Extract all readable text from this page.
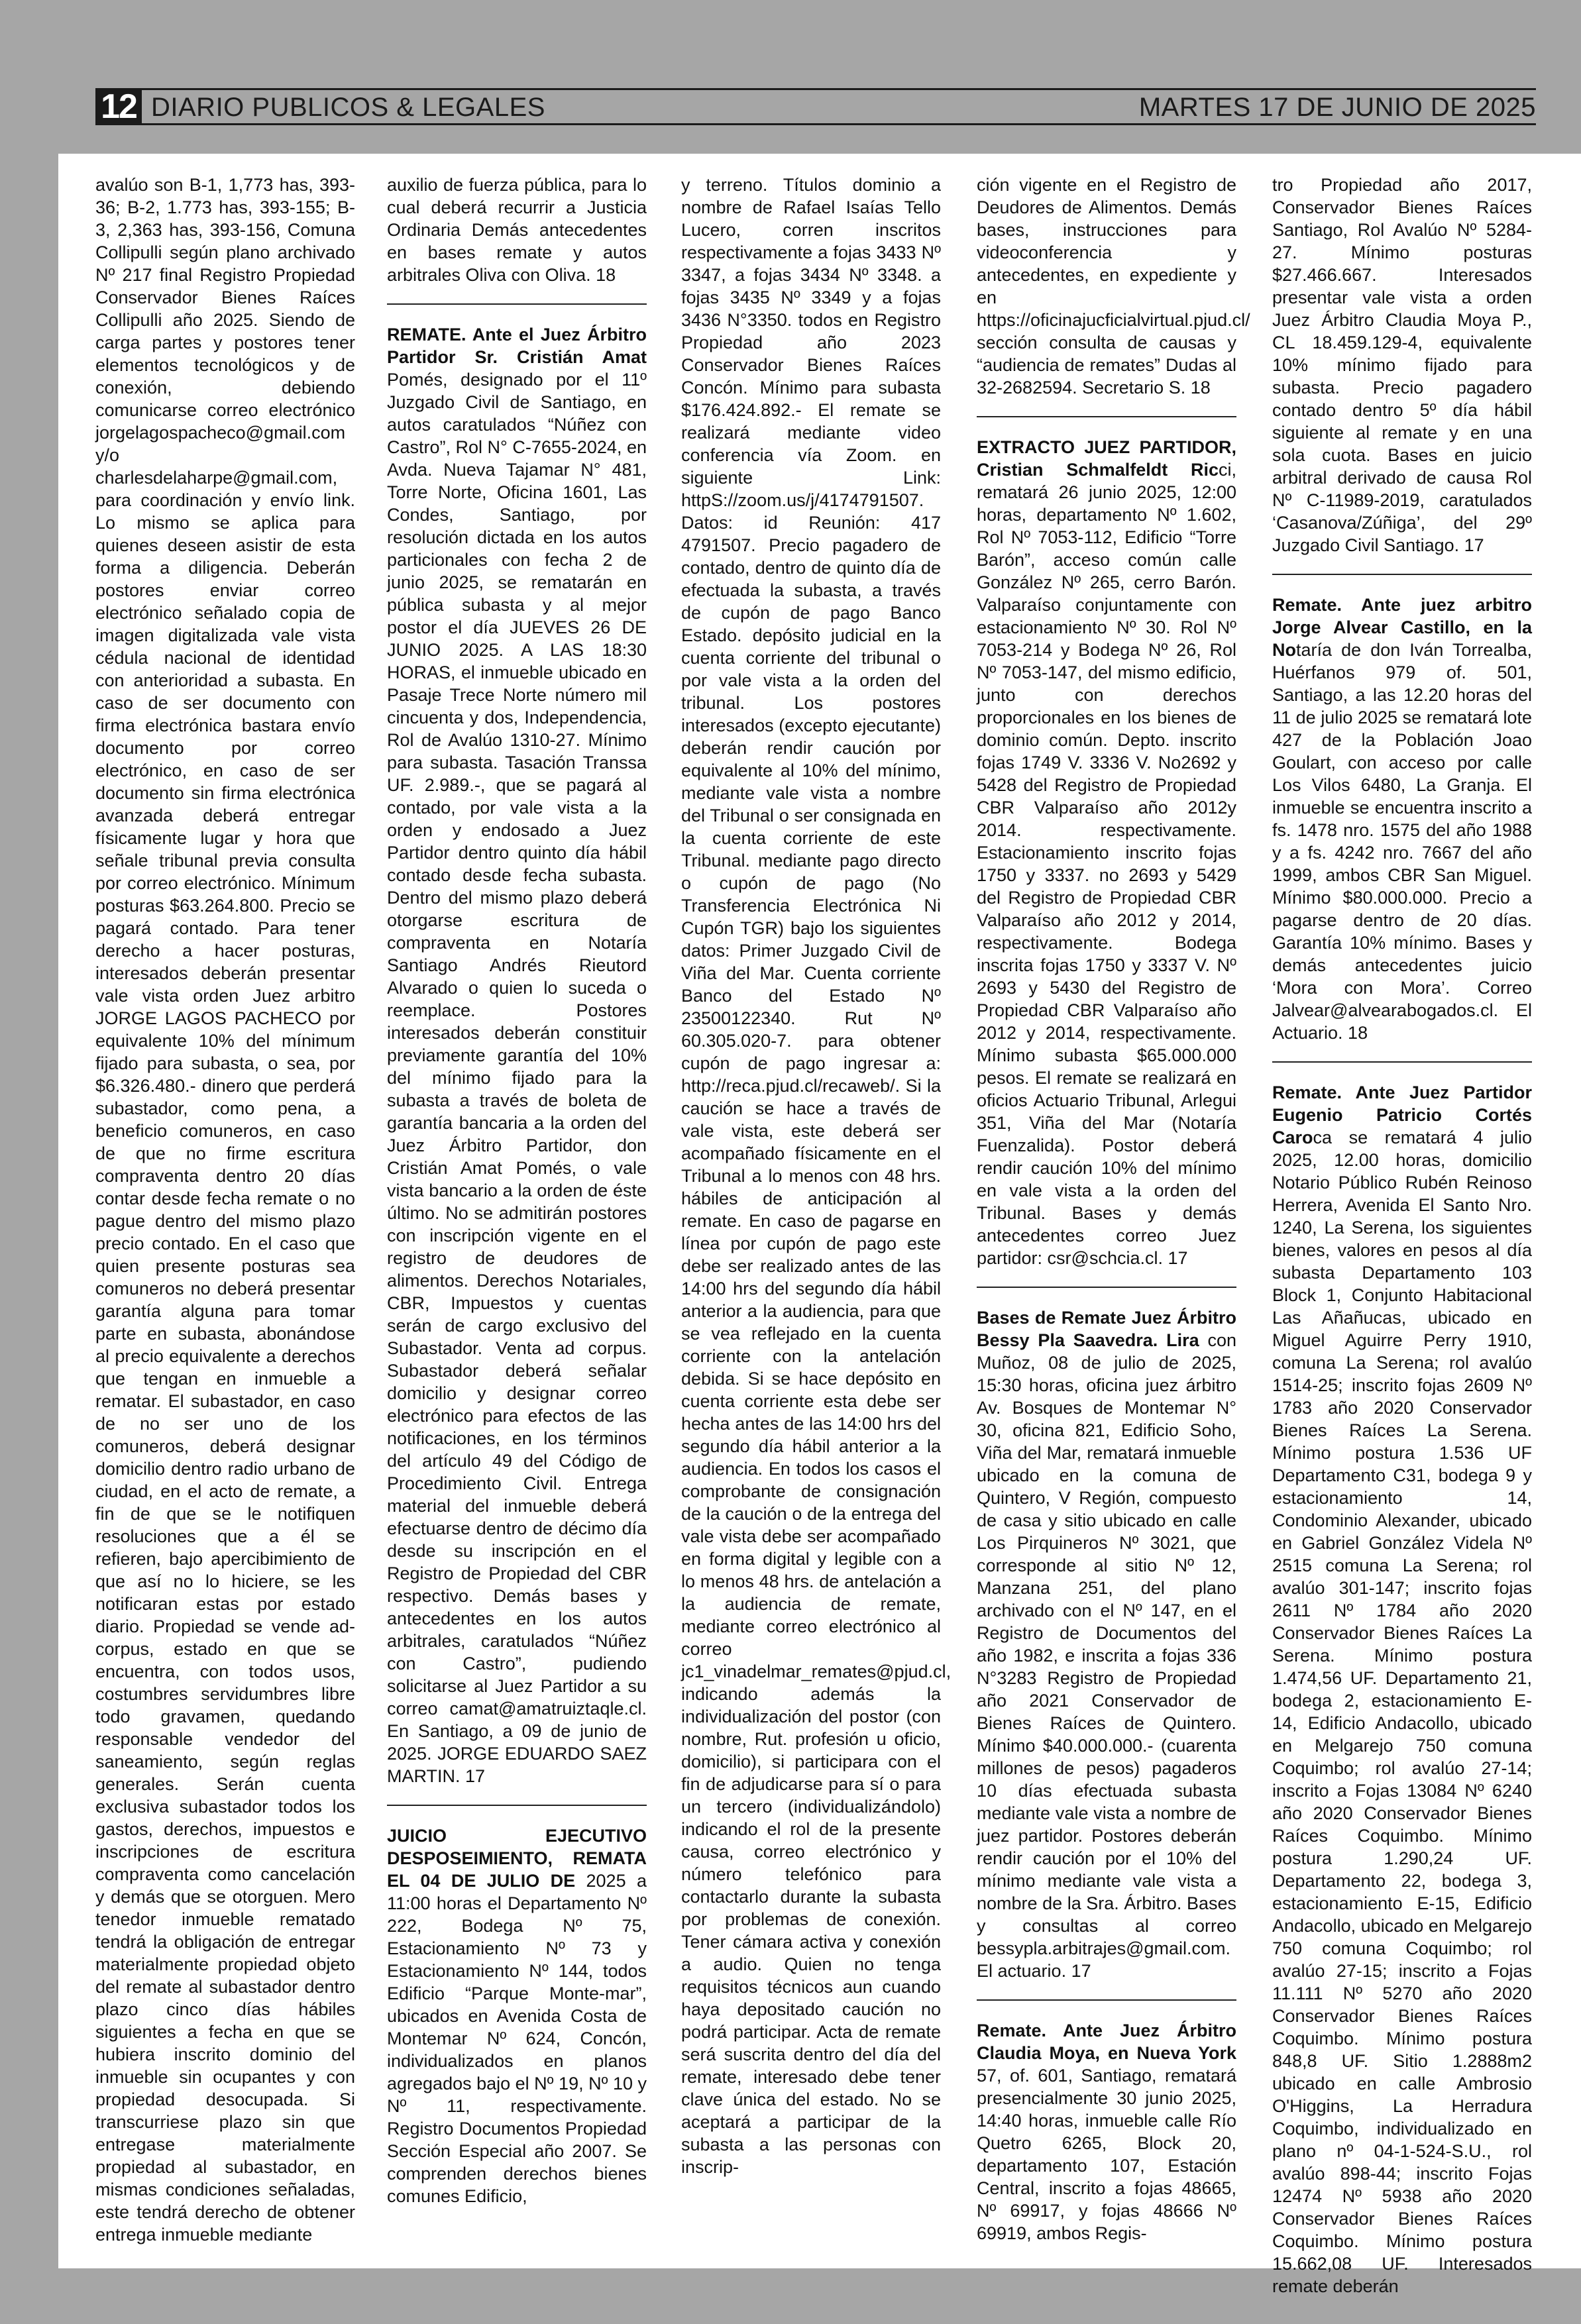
12 DIARIO PUBLICOS & LEGALES	MARTES 17 DE JUNIO DE 2025

avalúo son B-1, 1,773 has, 393-36; B-2, 1.773 has, 393-155; B-3, 2,363 has, 393-156, Comuna Collipulli según plano archivado Nº 217 final Registro Propiedad Conservador Bienes Raíces Collipulli año 2025. Siendo de carga partes y postores tener elementos tecnológicos y de conexión, debiendo comunicarse correo electrónico jorgelagospacheco@gmail.com y/o charlesdelaharpe@gmail.com, para coordinación y envío link. Lo mismo se aplica para quienes deseen asistir de esta forma a diligencia. Deberán postores enviar correo electrónico señalado copia de imagen digitalizada vale vista cédula nacional de identidad con anterioridad a subasta. En caso de ser documento con firma electrónica bastara envío documento por correo electrónico, en caso de ser documento sin firma electrónica avanzada deberá entregar físicamente lugar y hora que señale tribunal previa consulta por correo electrónico. Mínimum posturas $63.264.800. Precio se pagará contado. Para tener derecho a hacer posturas, interesados deberán presentar vale vista orden Juez arbitro JORGE LAGOS PACHECO por equivalente 10% del mínimum fijado para subasta, o sea, por $6.326.480.- dinero que perderá subastador, como pena, a beneficio comuneros, en caso de que no firme escritura compraventa dentro 20 días contar desde fecha remate o no pague dentro del mismo plazo precio contado. En el caso que quien presente posturas sea comuneros no deberá presentar garantía alguna para tomar parte en subasta, abonándose al precio equivalente a derechos que tengan en inmueble a rematar. El subastador, en caso de no ser uno de los comuneros, deberá designar domicilio dentro radio urbano de ciudad, en el acto de remate, a fin de que se le notifiquen resoluciones que a él se refieren, bajo apercibimiento de que así no lo hiciere, se les notificaran estas por estado diario. Propiedad se vende ad-corpus, estado en que se encuentra, con todos usos, costumbres servidumbres libre todo gravamen, quedando responsable vendedor del saneamiento, según reglas generales. Serán cuenta exclusiva subastador todos los gastos, derechos, impuestos e inscripciones de escritura compraventa como cancelación y demás que se otorguen. Mero tenedor inmueble rematado tendrá la obligación de entregar materialmente propiedad objeto del remate al subastador dentro plazo cinco días hábiles siguientes a fecha en que se hubiera inscrito dominio del inmueble sin ocupantes y con propiedad desocupada. Si transcurriese plazo sin que entregase materialmente propiedad al subastador, en mismas condiciones señaladas, este tendrá derecho de obtener entrega inmueble mediante

auxilio de fuerza pública, para lo cual deberá recurrir a Justicia Ordinaria Demás antecedentes en bases remate y autos arbitrales Oliva con Oliva. 18

REMATE. Ante el Juez Árbitro Partidor Sr. Cristián Amat Pomés, designado por el 11º Juzgado Civil de Santiago, en autos caratulados “Núñez con Castro”, Rol N° C-7655-2024, en Avda. Nueva Tajamar N° 481, Torre Norte, Oficina 1601, Las Condes, Santiago, por resolución dictada en los autos particionales con fecha 2 de junio 2025, se rematarán en pública subasta y al mejor postor el día JUEVES 26 DE JUNIO 2025. A LAS 18:30 HORAS, el inmueble ubicado en Pasaje Trece Norte número mil cincuenta y dos, Independencia, Rol de Avalúo 1310-27. Mínimo para subasta. Tasación Transsa UF. 2.989.-, que se pagará al contado, por vale vista a la orden y endosado a Juez Partidor dentro quinto día hábil contado desde fecha subasta. Dentro del mismo plazo deberá otorgarse escritura de compraventa en Notaría Santiago Andrés Rieutord Alvarado o quien lo suceda o reemplace. Postores interesados deberán constituir previamente garantía del 10% del mínimo fijado para la subasta a través de boleta de garantía bancaria a la orden del Juez Árbitro Partidor, don Cristián Amat Pomés, o vale vista bancario a la orden de éste último. No se admitirán postores con inscripción vigente en el registro de deudores de alimentos. Derechos Notariales, CBR, Impuestos y cuentas serán de cargo exclusivo del Subastador. Venta ad corpus. Subastador deberá señalar domicilio y designar correo electrónico para efectos de las notificaciones, en los términos del artículo 49 del Código de Procedimiento Civil. Entrega material del inmueble deberá efectuarse dentro de décimo día desde su inscripción en el Registro de Propiedad del CBR respectivo. Demás bases y antecedentes en los autos arbitrales, caratulados “Núñez con Castro”, pudiendo solicitarse al Juez Partidor a su correo camat@amatruiztaqle.cl. En Santiago, a 09 de junio de 2025. JORGE EDUARDO SAEZ MARTIN. 17

JUICIO EJECUTIVO DESPOSEIMIENTO, REMATA EL 04 DE JULIO DE 2025 a 11:00 horas el Departamento Nº 222, Bodega Nº 75, Estacionamiento Nº 73 y Estacionamiento Nº 144, todos Edificio “Parque Monte-mar”, ubicados en Avenida Costa de Montemar Nº 624, Concón, individualizados en planos agregados bajo el Nº 19, Nº 10 y Nº 11, respectivamente. Registro Documentos Propiedad Sección Especial año 2007. Se comprenden derechos bienes comunes Edificio,

y terreno. Títulos dominio a nombre de Rafael Isaías Tello Lucero, corren inscritos respectivamente a fojas 3433 Nº 3347, a fojas 3434 Nº 3348. a fojas 3435 Nº 3349 y a fojas 3436 N°3350. todos en Registro Propiedad año 2023 Conservador Bienes Raíces Concón. Mínimo para subasta $176.424.892.- El remate se realizará mediante video conferencia vía Zoom. en siguiente Link: httpS://zoom.us/j/4174791507. Datos: id Reunión: 417 4791507. Precio pagadero de contado, dentro de quinto día de efectuada la subasta, a través de cupón de pago Banco Estado. depósito judicial en la cuenta corriente del tribunal o por vale vista a la orden del tribunal. Los postores interesados (excepto ejecutante) deberán rendir caución por equivalente al 10% del mínimo, mediante vale vista a nombre del Tribunal o ser consignada en la cuenta corriente de este Tribunal. mediante pago directo o cupón de pago (No Transferencia Electrónica Ni Cupón TGR) bajo los siguientes datos: Primer Juzgado Civil de Viña del Mar. Cuenta corriente Banco del Estado Nº 23500122340. Rut Nº 60.305.020-7. para obtener cupón de pago ingresar a: http://reca.pjud.cl/recaweb/. Si la caución se hace a través de vale vista, este deberá ser acompañado físicamente en el Tribunal a lo menos con 48 hrs. hábiles de anticipación al remate. En caso de pagarse en línea por cupón de pago este debe ser realizado antes de las 14:00 hrs del segundo día hábil anterior a la audiencia, para que se vea reflejado en la cuenta corriente con la antelación debida. Si se hace depósito en cuenta corriente esta debe ser hecha antes de las 14:00 hrs del segundo día hábil anterior a la audiencia. En todos los casos el comprobante de consignación de la caución o de la entrega del vale vista debe ser acompañado en forma digital y legible con a lo menos 48 hrs. de antelación a la audiencia de remate, mediante correo electrónico al correo jc1_vinadelmar_remates@pjud.cl, indicando además la individualización del postor (con nombre, Rut. profesión u oficio, domicilio), si participara con el fin de adjudicarse para sí o para un tercero (individualizándolo) indicando el rol de la presente causa, correo electrónico y número telefónico para contactarlo durante la subasta por problemas de conexión. Tener cámara activa y conexión a audio. Quien no tenga requisitos técnicos aun cuando haya depositado caución no podrá participar. Acta de remate será suscrita dentro del día del remate, interesado debe tener clave única del estado. No se aceptará a participar de la subasta a las personas con inscrip-

ción vigente en el Registro de Deudores de Alimentos. Demás bases, instrucciones para videoconferencia y antecedentes, en expediente y en https://oficinajucficialvirtual.pjud.cl/ sección consulta de causas y “audiencia de remates” Dudas al 32-2682594. Secretario S. 18

EXTRACTO JUEZ PARTIDOR, Cristian Schmalfeldt Ricci, rematará 26 junio 2025, 12:00 horas, departamento Nº 1.602, Rol Nº 7053-112, Edificio “Torre Barón”, acceso común calle González Nº 265, cerro Barón. Valparaíso conjuntamente con estacionamiento Nº 30. Rol Nº 7053-214 y Bodega Nº 26, Rol Nº 7053-147, del mismo edificio, junto con derechos proporcionales en los bienes de dominio común. Depto. inscrito fojas 1749 V. 3336 V. No2692 y 5428 del Registro de Propiedad CBR Valparaíso año 2012y 2014. respectivamente. Estacionamiento inscrito fojas 1750 y 3337. no 2693 y 5429 del Registro de Propiedad CBR Valparaíso año 2012 y 2014, respectivamente. Bodega inscrita fojas 1750 y 3337 V. Nº 2693 y 5430 del Registro de Propiedad CBR Valparaíso año 2012 y 2014, respectivamente. Mínimo subasta $65.000.000 pesos. El remate se realizará en oficios Actuario Tribunal, Arlegui 351, Viña del Mar (Notaría Fuenzalida). Postor deberá rendir caución 10% del mínimo en vale vista a la orden del Tribunal. Bases y demás antecedentes correo Juez partidor: csr@schcia.cl. 17

Bases de Remate Juez Árbitro Bessy Pla Saavedra. Lira con Muñoz, 08 de julio de 2025, 15:30 horas, oficina juez árbitro Av. Bosques de Montemar N° 30, oficina 821, Edificio Soho, Viña del Mar, rematará inmueble ubicado en la comuna de Quintero, V Región, compuesto de casa y sitio ubicado en calle Los Pirquineros Nº 3021, que corresponde al sitio Nº 12, Manzana 251, del plano archivado con el Nº 147, en el Registro de Documentos del año 1982, e inscrita a fojas 336 N°3283 Registro de Propiedad año 2021 Conservador de Bienes Raíces de Quintero. Mínimo $40.000.000.- (cuarenta millones de pesos) pagaderos 10 días efectuada subasta mediante vale vista a nombre de juez partidor. Postores deberán rendir caución por el 10% del mínimo mediante vale vista a nombre de la Sra. Árbitro. Bases y consultas al correo bessypla.arbitrajes@gmail.com. El actuario. 17

Remate. Ante Juez Árbitro Claudia Moya, en Nueva York 57, of. 601, Santiago, rematará presencialmente 30 junio 2025, 14:40 horas, inmueble calle Río Quetro 6265, Block 20, departamento 107, Estación Central, inscrito a fojas 48665, Nº 69917, y fojas 48666 Nº 69919, ambos Regis-

tro Propiedad año 2017, Conservador Bienes Raíces Santiago, Rol Avalúo Nº 5284-27. Mínimo posturas $27.466.667. Interesados presentar vale vista a orden Juez Árbitro Claudia Moya P., CL 18.459.129-4, equivalente 10% mínimo fijado para subasta. Precio pagadero contado dentro 5º día hábil siguiente al remate y en una sola cuota. Bases en juicio arbitral derivado de causa Rol Nº C-11989-2019, caratulados ‘Casanova/Zúñiga’, del 29º Juzgado Civil Santiago. 17

Remate. Ante juez arbitro Jorge Alvear Castillo, en la Notaría de don Iván Torrealba, Huérfanos 979 of. 501, Santiago, a las 12.20 horas del 11 de julio 2025 se rematará lote 427 de la Población Joao Goulart, con acceso por calle Los Vilos 6480, La Granja. El inmueble se encuentra inscrito a fs. 1478 nro. 1575 del año 1988 y a fs. 4242 nro. 7667 del año 1999, ambos CBR San Miguel. Mínimo $80.000.000. Precio a pagarse dentro de 20 días. Garantía 10% mínimo. Bases y demás antecedentes juicio ‘Mora con Mora’. Correo Jalvear@alvearabogados.cl. El Actuario. 18

Remate. Ante Juez Partidor Eugenio Patricio Cortés Caroca se rematará 4 julio 2025, 12.00 horas, domicilio Notario Público Rubén Reinoso Herrera, Avenida El Santo Nro. 1240, La Serena, los siguientes bienes, valores en pesos al día subasta Departamento 103 Block 1, Conjunto Habitacional Las Añañucas, ubicado en Miguel Aguirre Perry 1910, comuna La Serena; rol avalúo 1514-25; inscrito fojas 2609 Nº 1783 año 2020 Conservador Bienes Raíces La Serena. Mínimo postura 1.536 UF Departamento C31, bodega 9 y estacionamiento 14, Condominio Alexander, ubicado en Gabriel González Videla Nº 2515 comuna La Serena; rol avalúo 301-147; inscrito fojas 2611 Nº 1784 año 2020 Conservador Bienes Raíces La Serena. Mínimo postura 1.474,56 UF. Departamento 21, bodega 2, estacionamiento E-14, Edificio Andacollo, ubicado en Melgarejo 750 comuna Coquimbo; rol avalúo 27-14; inscrito a Fojas 13084 Nº 6240 año 2020 Conservador Bienes Raíces Coquimbo. Mínimo postura 1.290,24 UF. Departamento 22, bodega 3, estacionamiento E-15, Edificio Andacollo, ubicado en Melgarejo 750 comuna Coquimbo; rol avalúo 27-15; inscrito a Fojas 11.111 Nº 5270 año 2020 Conservador Bienes Raíces Coquimbo. Mínimo postura 848,8 UF. Sitio 1.2888m2 ubicado en calle Ambrosio O'Higgins, La Herradura Coquimbo, individualizado en plano nº 04-1-524-S.U., rol avalúo 898-44; inscrito Fojas 12474 Nº 5938 año 2020 Conservador Bienes Raíces Coquimbo. Mínimo postura 15.662,08 UF. Interesados remate deberán
